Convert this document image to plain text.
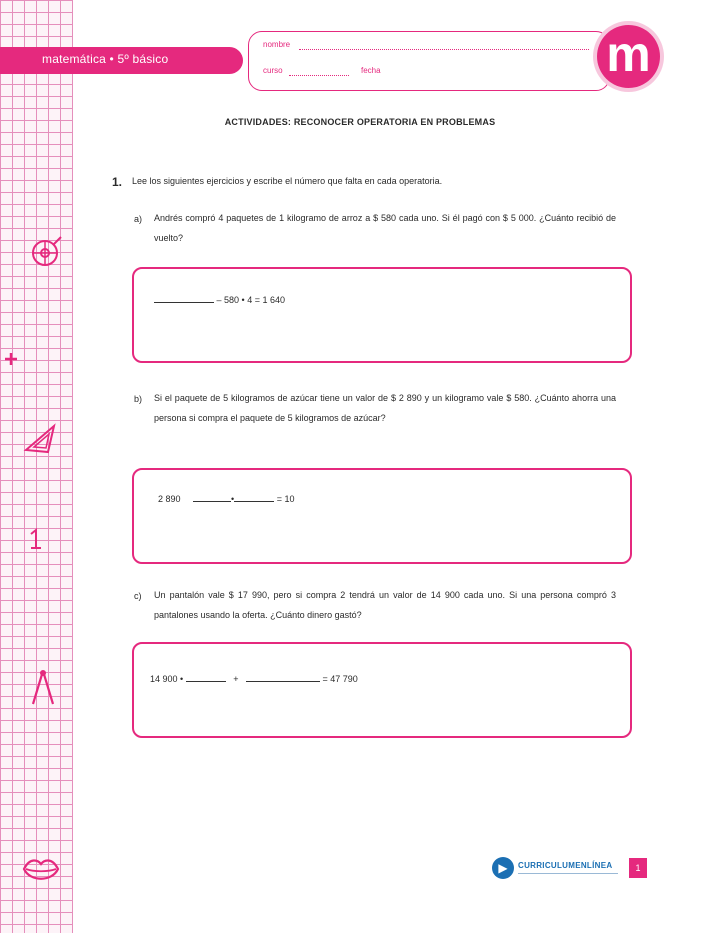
matemática • 5º básico
nombre
curso	fecha	m
ACTIVIDADES: RECONOCER OPERATORIA EN PROBLEMAS
1. Lee los siguientes ejercicios y escribe el número que falta en cada operatoria.
a) Andrés compró 4 paquetes de 1 kilogramo de arroz a $ 580 cada uno. Si él pagó con $ 5 000. ¿Cuánto recibió de vuelto?
– 580 • 4 = 1 640
b) Si el paquete de 5 kilogramos de azúcar tiene un valor de $ 2 890 y un kilogramo vale $ 580. ¿Cuánto ahorra una persona si compra el paquete de 5 kilogramos de azúcar?
2 890	•	= 10
c) Un pantalón vale $ 17 990, pero si compra 2 tendrá un valor de 14 900 cada uno. Si una persona compró 3 pantalones usando la oferta. ¿Cuánto dinero gastó?
14 900 •	+	= 47 790
▶	CURRICULUMENLÍNEA	1
